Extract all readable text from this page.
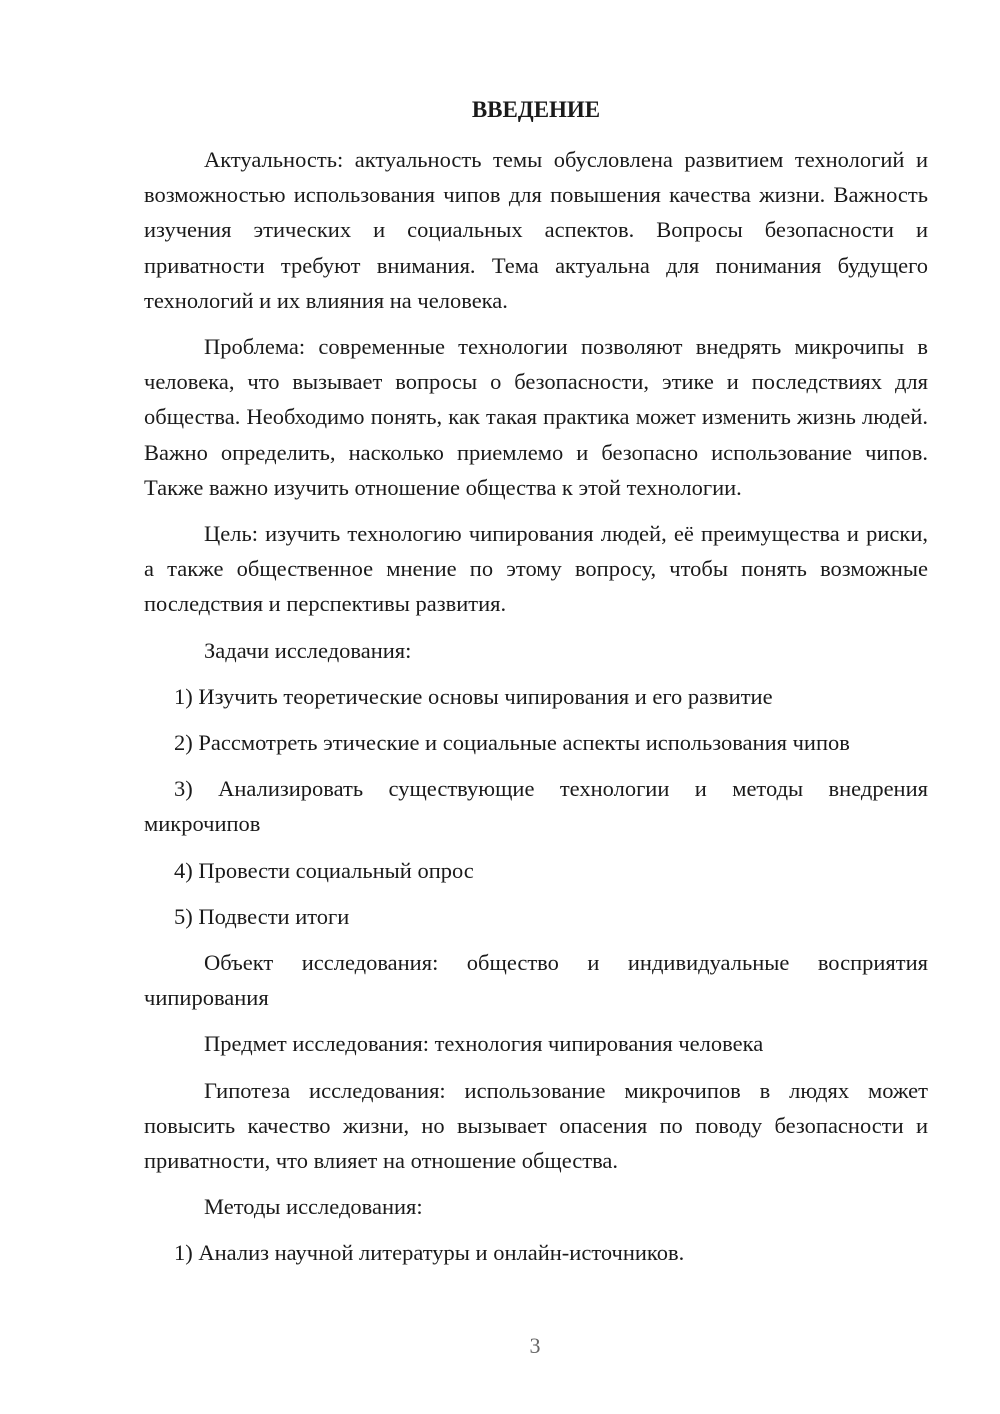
ВВЕДЕНИЕ

Актуальность: актуальность темы обусловлена развитием технологий и возможностью использования чипов для повышения качества жизни. Важность изучения этических и социальных аспектов. Вопросы безопасности и приватности требуют внимания. Тема актуальна для понимания будущего технологий и их влияния на человека.

Проблема: современные технологии позволяют внедрять микрочипы в человека, что вызывает вопросы о безопасности, этике и последствиях для общества. Необходимо понять, как такая практика может изменить жизнь людей. Важно определить, насколько приемлемо и безопасно использование чипов. Также важно изучить отношение общества к этой технологии.

Цель: изучить технологию чипирования людей, её преимущества и риски, а также общественное мнение по этому вопросу, чтобы понять возможные последствия и перспективы развития.

Задачи исследования:

1) Изучить теоретические основы чипирования и его развитие

2) Рассмотреть этические и социальные аспекты использования чипов

3) Анализировать существующие технологии и методы внедрения микрочипов

4) Провести социальный опрос

5) Подвести итоги

Объект исследования: общество и индивидуальные восприятия чипирования

Предмет исследования: технология чипирования человека

Гипотеза исследования: использование микрочипов в людях может повысить качество жизни, но вызывает опасения по поводу безопасности и приватности, что влияет на отношение общества.

Методы исследования:

1) Анализ научной литературы и онлайн-источников.

3
